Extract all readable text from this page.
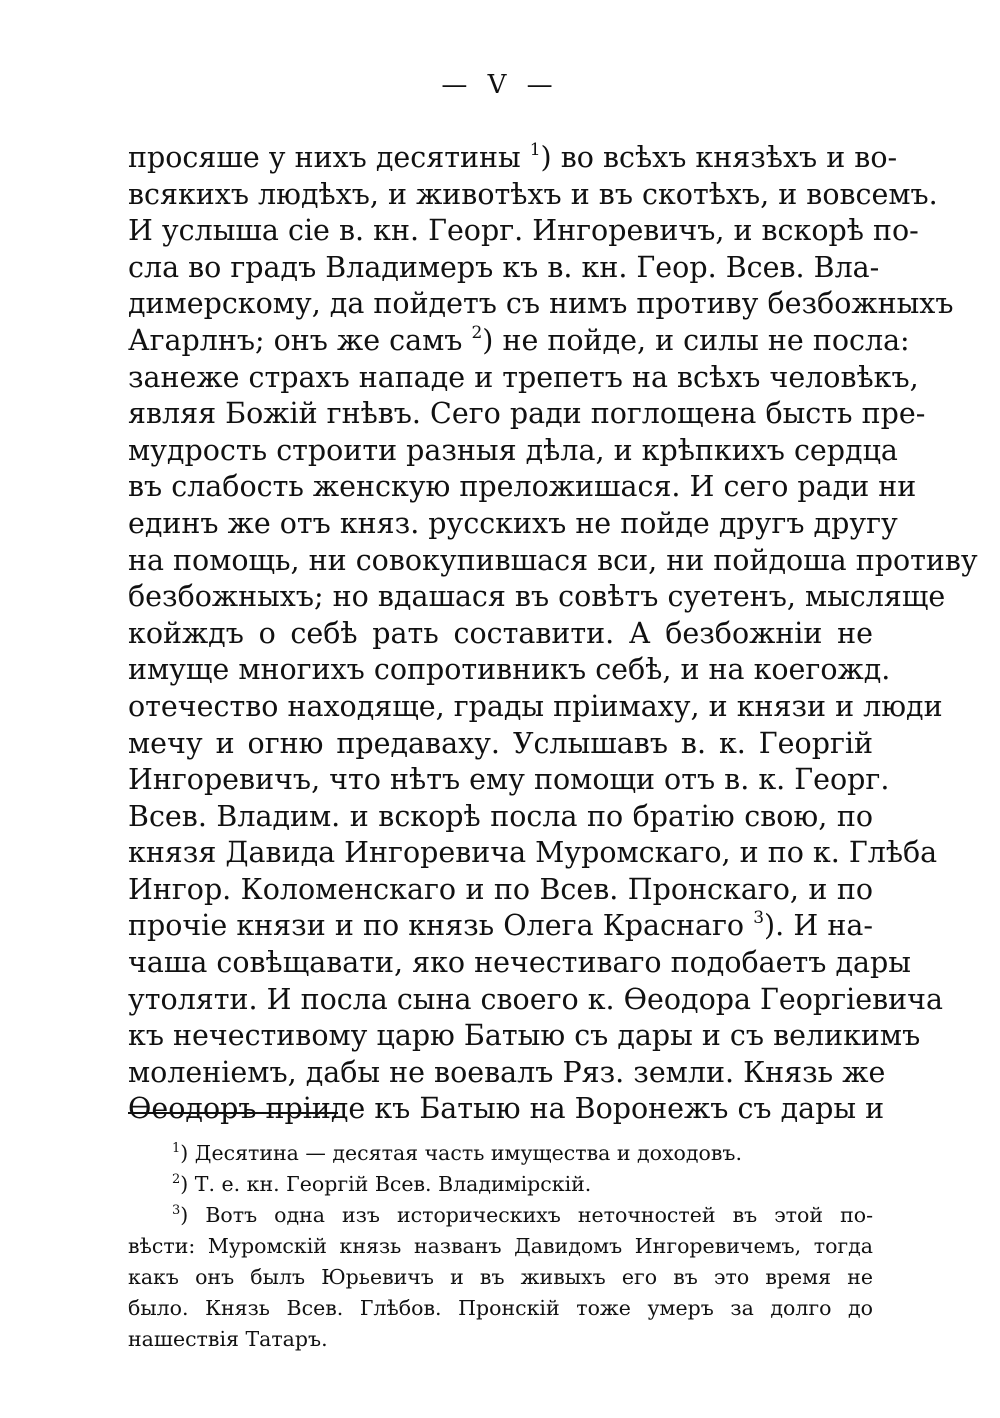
— V —
просяше у нихъ десятины $^1$) во всѣхъ князѣхъ и во-
всякихъ людѣхъ, и животѣхъ и въ скотѣхъ, и вовсемъ.
И услыша сіе в. кн. Георг. Ингоревичъ, и вскорѣ по-
сла во градъ Владимеръ къ в. кн. Геор. Всев. Вла-
димерскому, да пойдетъ съ нимъ противу безбожныхъ
Агарлнъ; онъ же самъ $^2$) не пойде, и силы не посла:
занеже страхъ нападе и трепетъ на всѣхъ человѣкъ,
являя Божій гнѣвъ. Сего ради поглощена бысть пре-
мудрость строити разныя дѣла, и крѣпкихъ сердца
въ слабость женскую преложишася. И сего ради ни
единъ же отъ княз. русскихъ не пойде другъ другу
на помощь, ни совокупившася вси, ни пойдоша противу
безбожныхъ; но вдашася въ совѣтъ суетенъ, мысляще
койждъ о себѣ рать составити. А безбожніи не
имуще многихъ сопротивникъ себѣ, и на коегожд.
отечество находяще, грады пріимаху, и князи и люди
мечу и огню предаваху. Услышавъ в. к. Георгій
Ингоревичъ, что нѣтъ ему помощи отъ в. к. Георг.
Всев. Владим. и вскорѣ посла по братію свою, по
князя Давида Ингоревича Муромскаго, и по к. Глѣба
Ингор. Коломенскаго и по Всев. Пронскаго, и по
прочіе князи и по князь Олега Краснаго $^3$). И на-
чаша совѣщавати, яко нечестиваго подобаетъ дары
утоляти. И посла сына своего к. Өеодора Георгіевича
къ нечестивому царю Батыю съ дары и съ великимъ
моленіемъ, дабы не воевалъ Ряз. земли. Князь же
Өеодоръ пріиде къ Батыю на Воронежъ съ дары и
$^1$) Десятина — десятая часть имущества и доходовъ.
$^2$) Т. е. кн. Георгій Всев. Владимірскій.
$^3$) Вотъ одна изъ историческихъ неточностей въ этой по-
вѣсти: Муромскій князь названъ Давидомъ Ингоревичемъ, тогда
какъ онъ былъ Юрьевичъ и въ живыхъ его въ это время не
было. Князь Всев. Глѣбов. Пронскій тоже умеръ за долго до
нашествія Татаръ.
